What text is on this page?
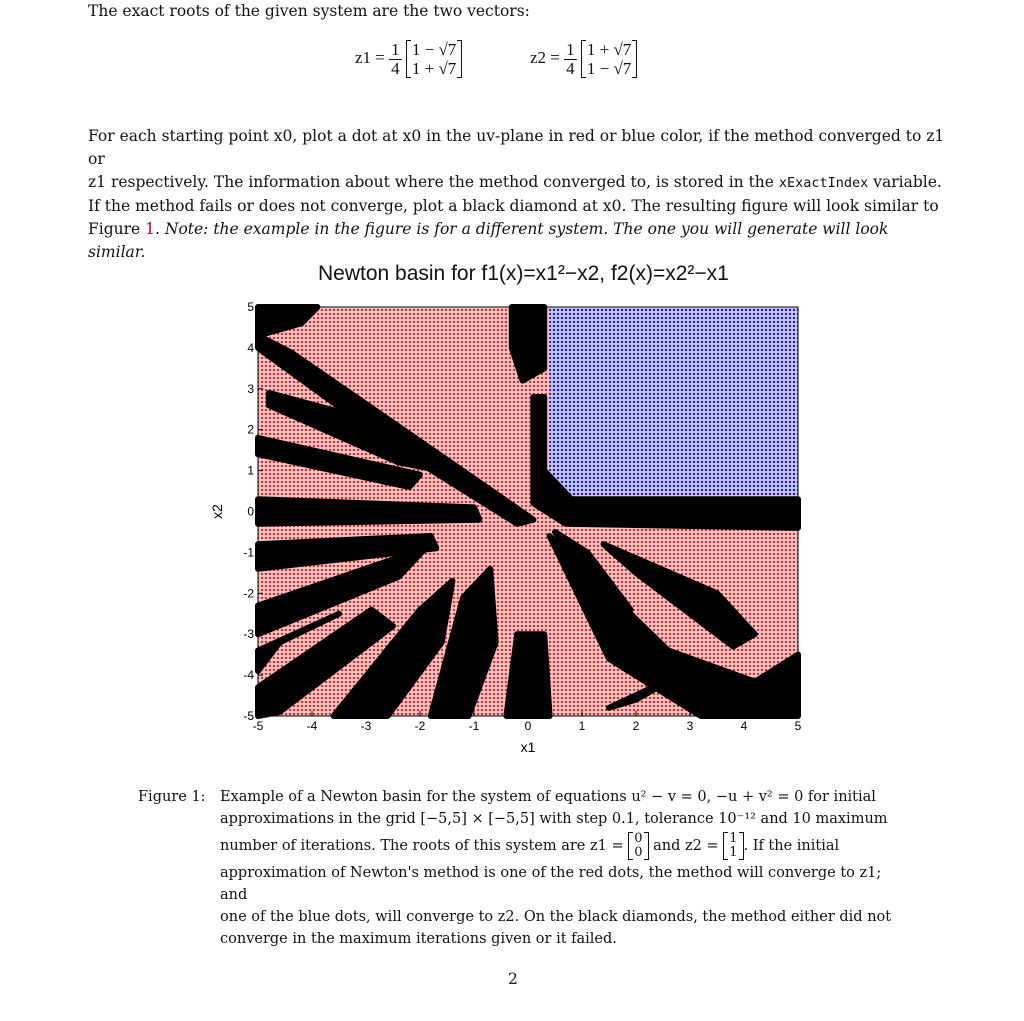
The exact roots of the given system are the two vectors:
$z1 = \frac{1}{4}$
1 − √7
1 + √7
$z2 = \frac{1}{4}$
1 + √7
1 − √7
For each starting point x0, plot a dot at x0 in the uv-plane in red or blue color, if the method converged to z1 or
z1 respectively. The information about where the method converged to, is stored in the xExactIndex variable.
If the method fails or does not converge, plot a black diamond at x0. The resulting figure will look similar to
Figure 1. Note: the example in the figure is for a different system. The one you will generate will look similar.
Newton basin for f1(x)=x1²−x2, f2(x)=x2²−x1
-5	-4	-3	-2	-1	0	1	2	3	4	5
-5
-4
-3
-2
-1
0
1
2
3
4
5
x1
x2
Figure 1: Example of a Newton basin for the system of equations u² − v = 0, −u + v² = 0 for initial
approximations in the grid [−5,5] × [−5,5] with step 0.1, tolerance 10⁻¹² and 10 maximum
number of iterations. The roots of this system are z1 = 0
0 and z2 = 1
1 . If the initial
approximation of Newton's method is one of the red dots, the method will converge to z1; and
one of the blue dots, will converge to z2. On the black diamonds, the method either did not
converge in the maximum iterations given or it failed.
2
